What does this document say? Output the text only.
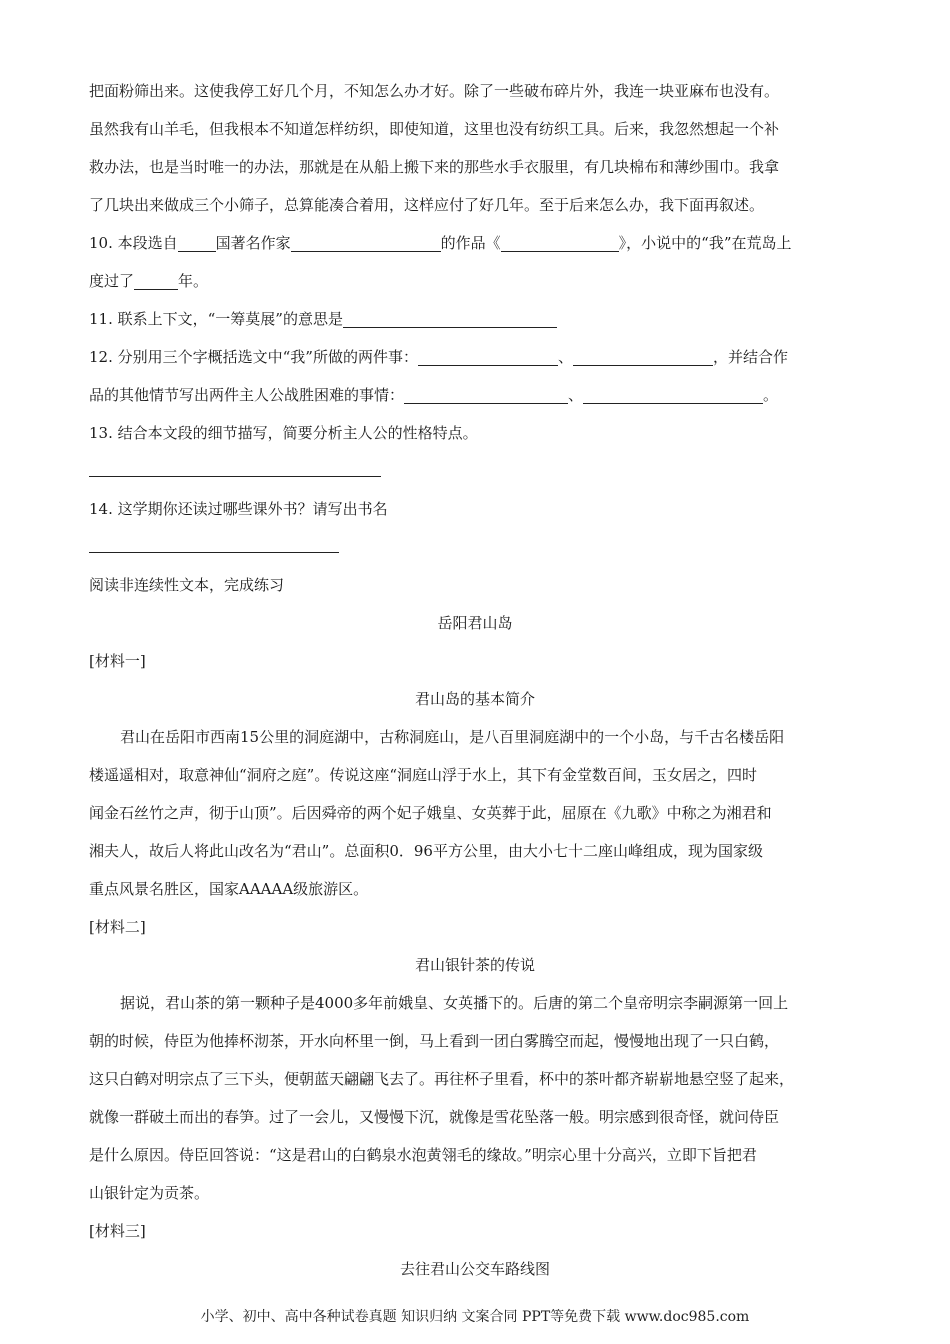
把面粉筛出来。这使我停工好几个月，不知怎么办才好。除了一些破布碎片外，我连一块亚麻布也没有。
虽然我有山羊毛，但我根本不知道怎样纺织，即使知道，这里也没有纺织工具。后来，我忽然想起一个补
救办法，也是当时唯一的办法，那就是在从船上搬下来的那些水手衣服里，有几块棉布和薄纱围巾。我拿
了几块出来做成三个小筛子，总算能凑合着用，这样应付了好几年。至于后来怎么办，我下面再叙述。
10. 本段选自	国著名作家	的作品《	》，小说中的“我”在荒岛上
度过了	年。
11. 联系上下文，“一筹莫展”的意思是
12. 分别用三个字概括选文中“我”所做的两件事：	、	，并结合作
品的其他情节写出两件主人公战胜困难的事情：	、	。
13. 结合本文段的细节描写，简要分析主人公的性格特点。
14. 这学期你还读过哪些课外书？请写出书名
阅读非连续性文本，完成练习
岳阳君山岛
[材料一]
君山岛的基本简介
君山在岳阳市西南15公里的洞庭湖中，古称洞庭山，是八百里洞庭湖中的一个小岛，与千古名楼岳阳
楼遥遥相对，取意神仙“洞府之庭”。传说这座“洞庭山浮于水上，其下有金堂数百间，玉女居之，四时
闻金石丝竹之声，彻于山顶”。后因舜帝的两个妃子娥皇、女英葬于此，屈原在《九歌》中称之为湘君和
湘夫人，故后人将此山改名为“君山”。总面积0．96平方公里，由大小七十二座山峰组成，现为国家级
重点风景名胜区，国家AAAAA级旅游区。
[材料二]
君山银针茶的传说
据说，君山茶的第一颗种子是4000多年前娥皇、女英播下的。后唐的第二个皇帝明宗李嗣源第一回上
朝的时候，侍臣为他捧杯沏茶，开水向杯里一倒，马上看到一团白雾腾空而起，慢慢地出现了一只白鹤，
这只白鹤对明宗点了三下头，便朝蓝天翩翩飞去了。再往杯子里看，杯中的茶叶都齐崭崭地悬空竖了起来，
就像一群破土而出的春笋。过了一会儿，又慢慢下沉，就像是雪花坠落一般。明宗感到很奇怪，就问侍臣
是什么原因。侍臣回答说：“这是君山的白鹤泉水泡黄翎毛的缘故。”明宗心里十分高兴，立即下旨把君
山银针定为贡茶。
[材料三]
去往君山公交车路线图
小学、初中、高中各种试卷真题 知识归纳 文案合同 PPT等免费下载 www.doc985.com
